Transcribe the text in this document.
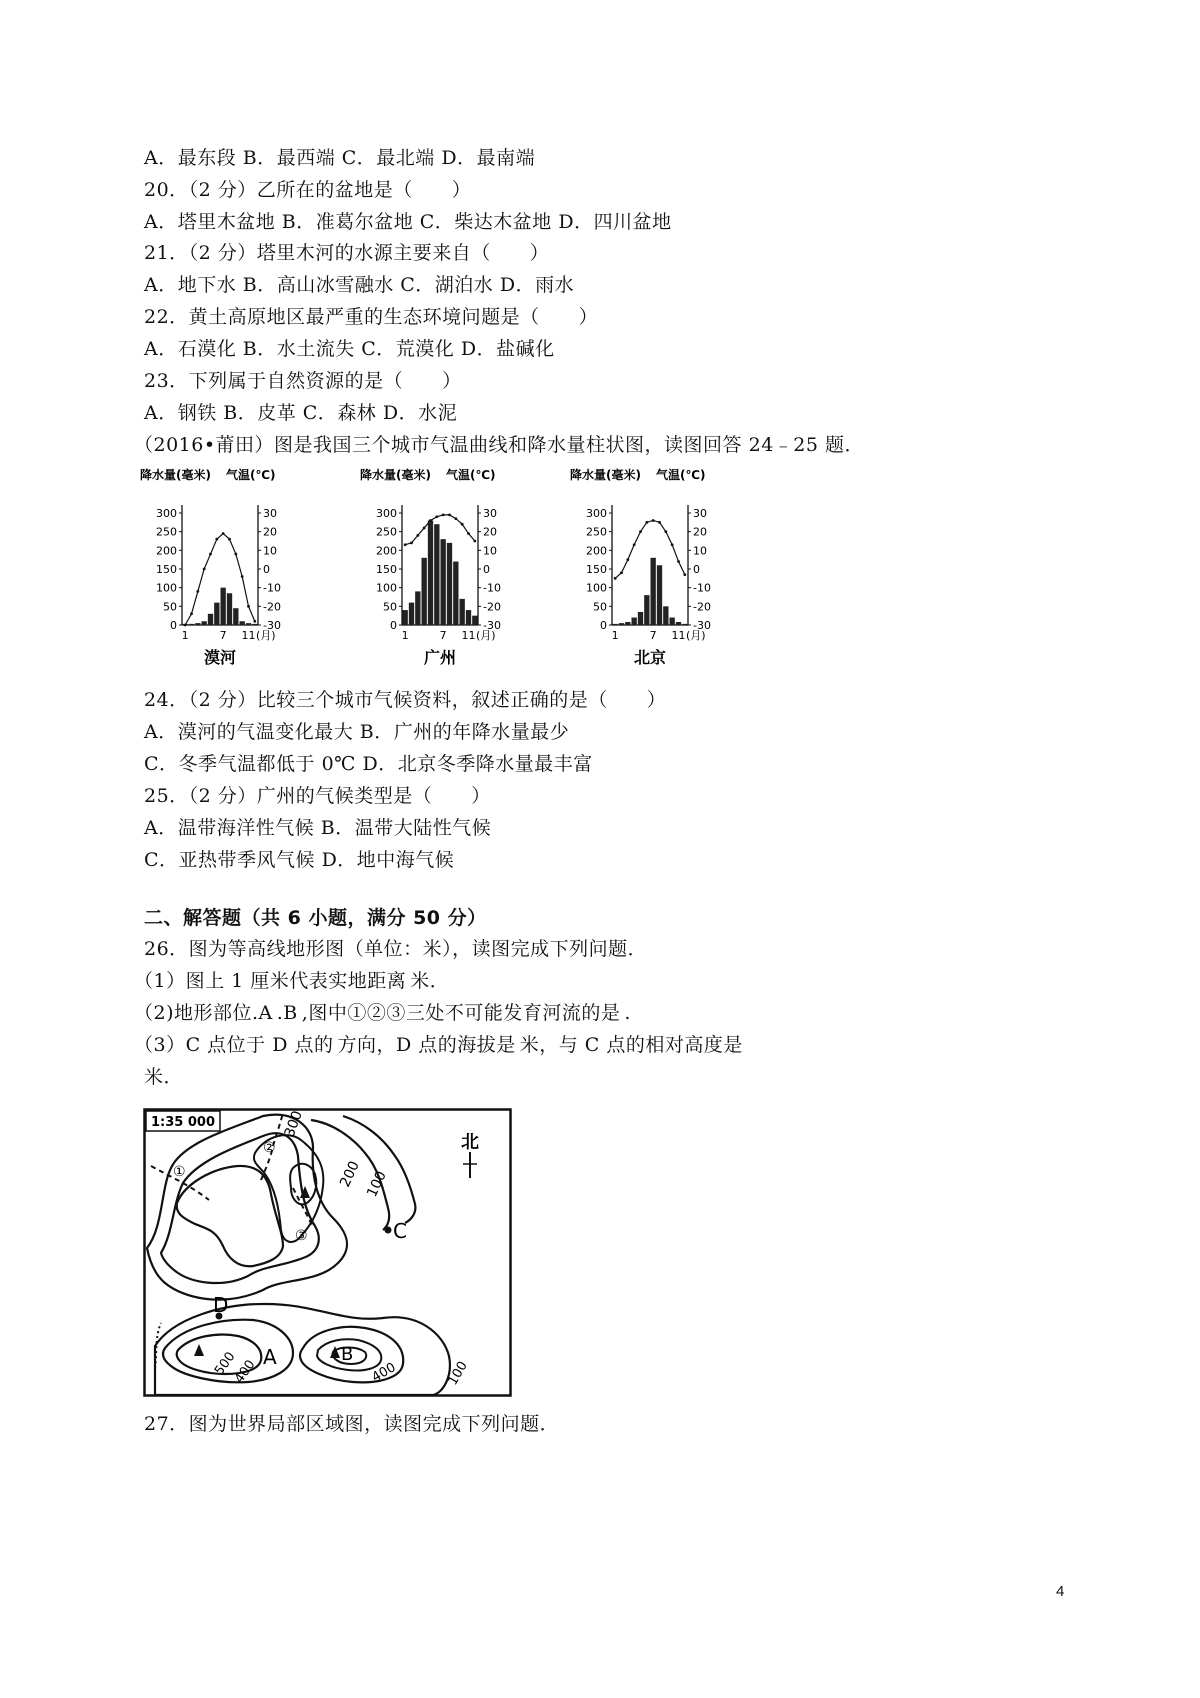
A．最东段 B．最西端 C．最北端 D．最南端
20．（2 分）乙所在的盆地是（　　）
A．塔里木盆地 B．准葛尔盆地 C．柴达木盆地 D．四川盆地
21．（2 分）塔里木河的水源主要来自（　　）
A．地下水 B．高山冰雪融水 C．湖泊水 D．雨水
22．黄土高原地区最严重的生态环境问题是（　　）
A．石漠化 B．水土流失 C．荒漠化 D．盐碱化
23．下列属于自然资源的是（　　）
A．钢铁 B．皮革 C．森林 D．水泥
（2016•莆田）图是我国三个城市气温曲线和降水量柱状图，读图回答 24﹣25 题．
降水量(毫米) 气温(℃)
300
250
200
150
100
50
0
30
20
10
0
-10
-20
-30
1	7 11 (月)
漠河
降水量(毫米) 气温(℃)
300
250
200
150
100
50
0
30
20
10
0
-10
-20
-30
1	7 11 (月)
广州
降水量(毫米) 气温(℃)
300
250
200
150
100
50
0
30
20
10
0
-10
-20
-30
1	7 11 (月)
北京
24．（2 分）比较三个城市气候资料，叙述正确的是（　　）
A．漠河的气温变化最大 B．广州的年降水量最少
C．冬季气温都低于 0℃ D．北京冬季降水量最丰富
25．（2 分）广州的气候类型是（　　）
A．温带海洋性气候 B．温带大陆性气候
C．亚热带季风气候 D．地中海气候
二、解答题（共 6 小题，满分 50 分）
26．图为等高线地形图（单位：米），读图完成下列问题．
（1）图上 1 厘米代表实地距离 米．
（2)地形部位.A .B ,图中①②③三处不可能发育河流的是 .
（3）C 点位于 D 点的 方向，D 点的海拔是 米，与 C 点的相对高度是
米．
1:35 000
北
C
①
②
③
300
200 100
D
A	B
500
400	400	100
27．图为世界局部区域图，读图完成下列问题．
4
